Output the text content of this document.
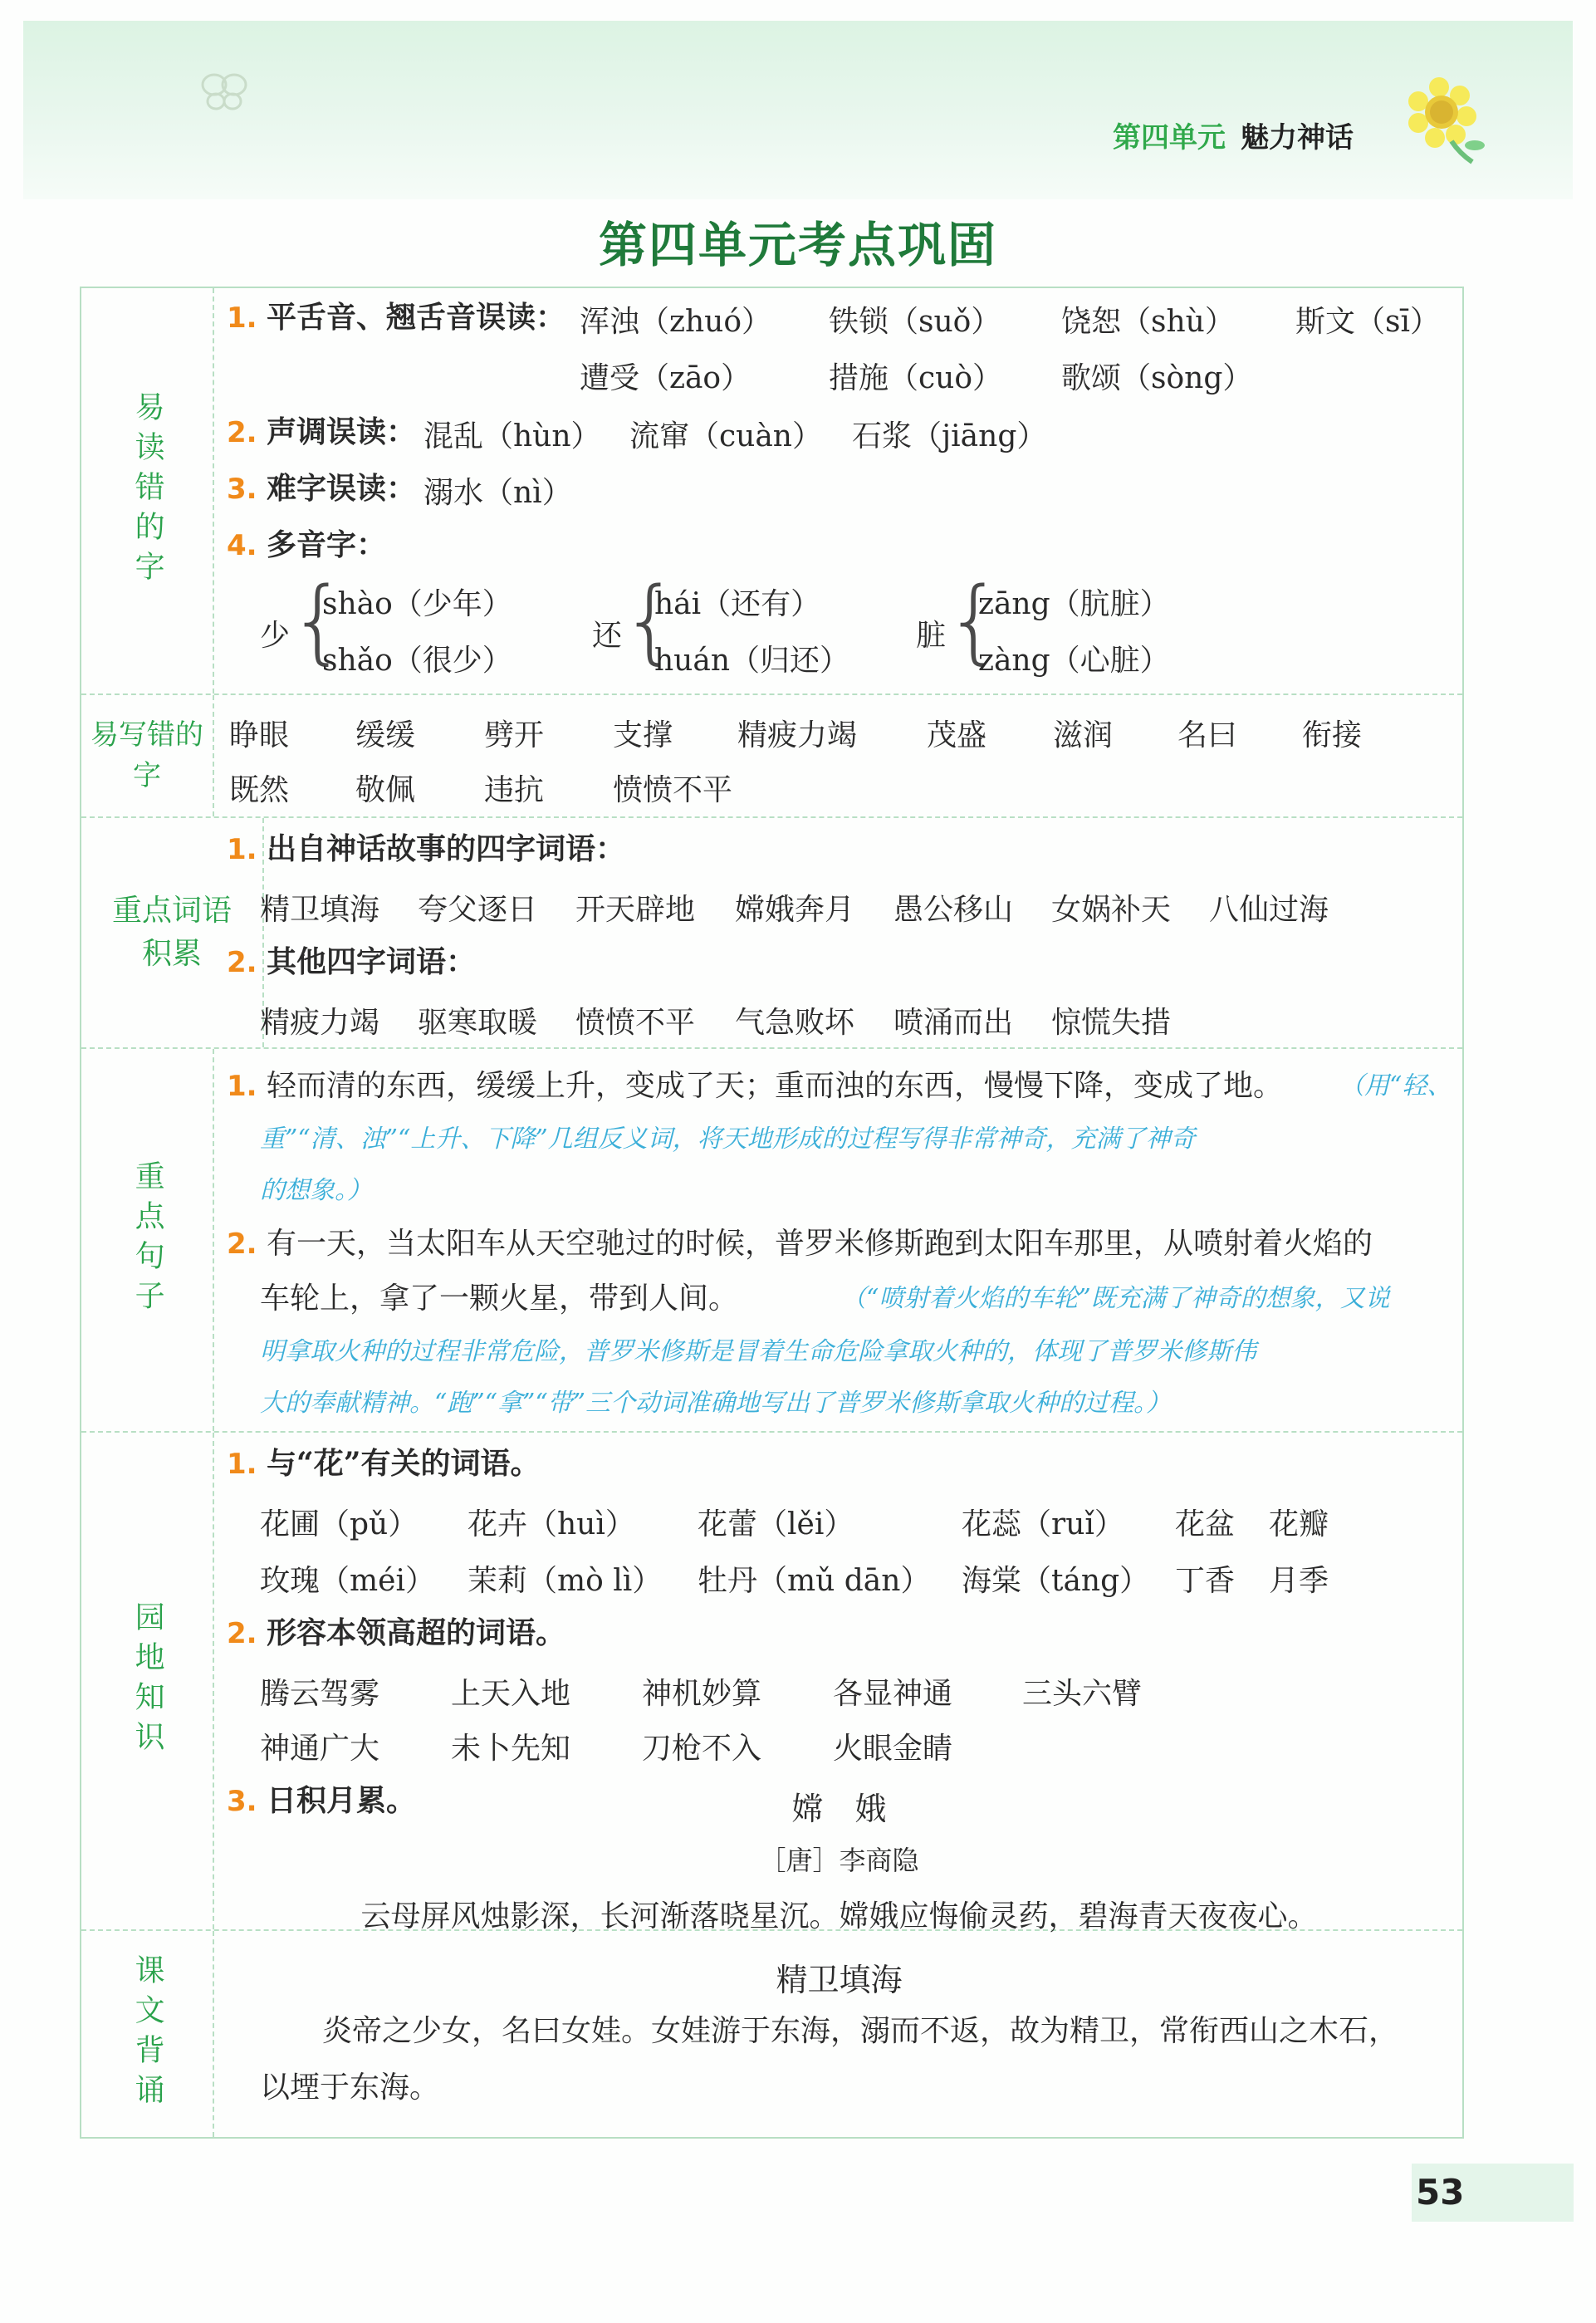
第四单元 魅力神话
第四单元考点巩固
易读错的字
1. 平舌音、翘舌音误读： 浑浊（zhuó） 铁锁（suǒ） 饶恕（shù） 斯文（sī）
遭受（zāo）	措施（cuò） 歌颂（sòng）
2. 声调误读： 混乱（hùn） 流窜（cuàn） 石浆（jiāng）
3. 难字误读： 溺水（nì）
4. 多音字：
少
{
shào（少年）
shǎo（很少）
还
{
hái（还有）
huán（归还）
脏
{
zāng（肮脏）
zàng（心脏）
易写错的字
睁眼 缓缓 劈开 支撑 精疲力竭 茂盛 滋润 名曰 衔接
既然 敬佩 违抗 愤愤不平
重点词语积累
1. 出自神话故事的四字词语：
精卫填海 夸父逐日 开天辟地 嫦娥奔月 愚公移山 女娲补天 八仙过海
2. 其他四字词语：
精疲力竭 驱寒取暖 愤愤不平 气急败坏 喷涌而出 惊慌失措
重点句子
1. 轻而清的东西，缓缓上升，变成了天；重而浊的东西，慢慢下降，变成了地。 （用“轻、
重”“清、浊”“上升、下降”几组反义词，将天地形成的过程写得非常神奇，充满了神奇
的想象。）
2. 有一天，当太阳车从天空驰过的时候，普罗米修斯跑到太阳车那里，从喷射着火焰的
车轮上，拿了一颗火星，带到人间。	（“喷射着火焰的车轮”既充满了神奇的想象，又说
明拿取火种的过程非常危险，普罗米修斯是冒着生命危险拿取火种的，体现了普罗米修斯伟
大的奉献精神。“跑”“拿”“带”三个动词准确地写出了普罗米修斯拿取火种的过程。）
园地知识
1. 与“花”有关的词语。
花圃（pǔ） 花卉（huì） 花蕾（lěi）	花蕊（ruǐ） 花盆 花瓣
玫瑰（méi） 茉莉（mò lì） 牡丹（mǔ dān） 海棠（táng） 丁香 月季
2. 形容本领高超的词语。
腾云驾雾 上天入地 神机妙算 各显神通 三头六臂
神通广大 未卜先知 刀枪不入 火眼金睛
3. 日积月累。	嫦　娥
［唐］李商隐
云母屏风烛影深，长河渐落晓星沉。嫦娥应悔偷灵药，碧海青天夜夜心。
课文背诵	精卫填海
炎帝之少女，名曰女娃。女娃游于东海，溺而不返，故为精卫，常衔西山之木石，
以堙于东海。
53
